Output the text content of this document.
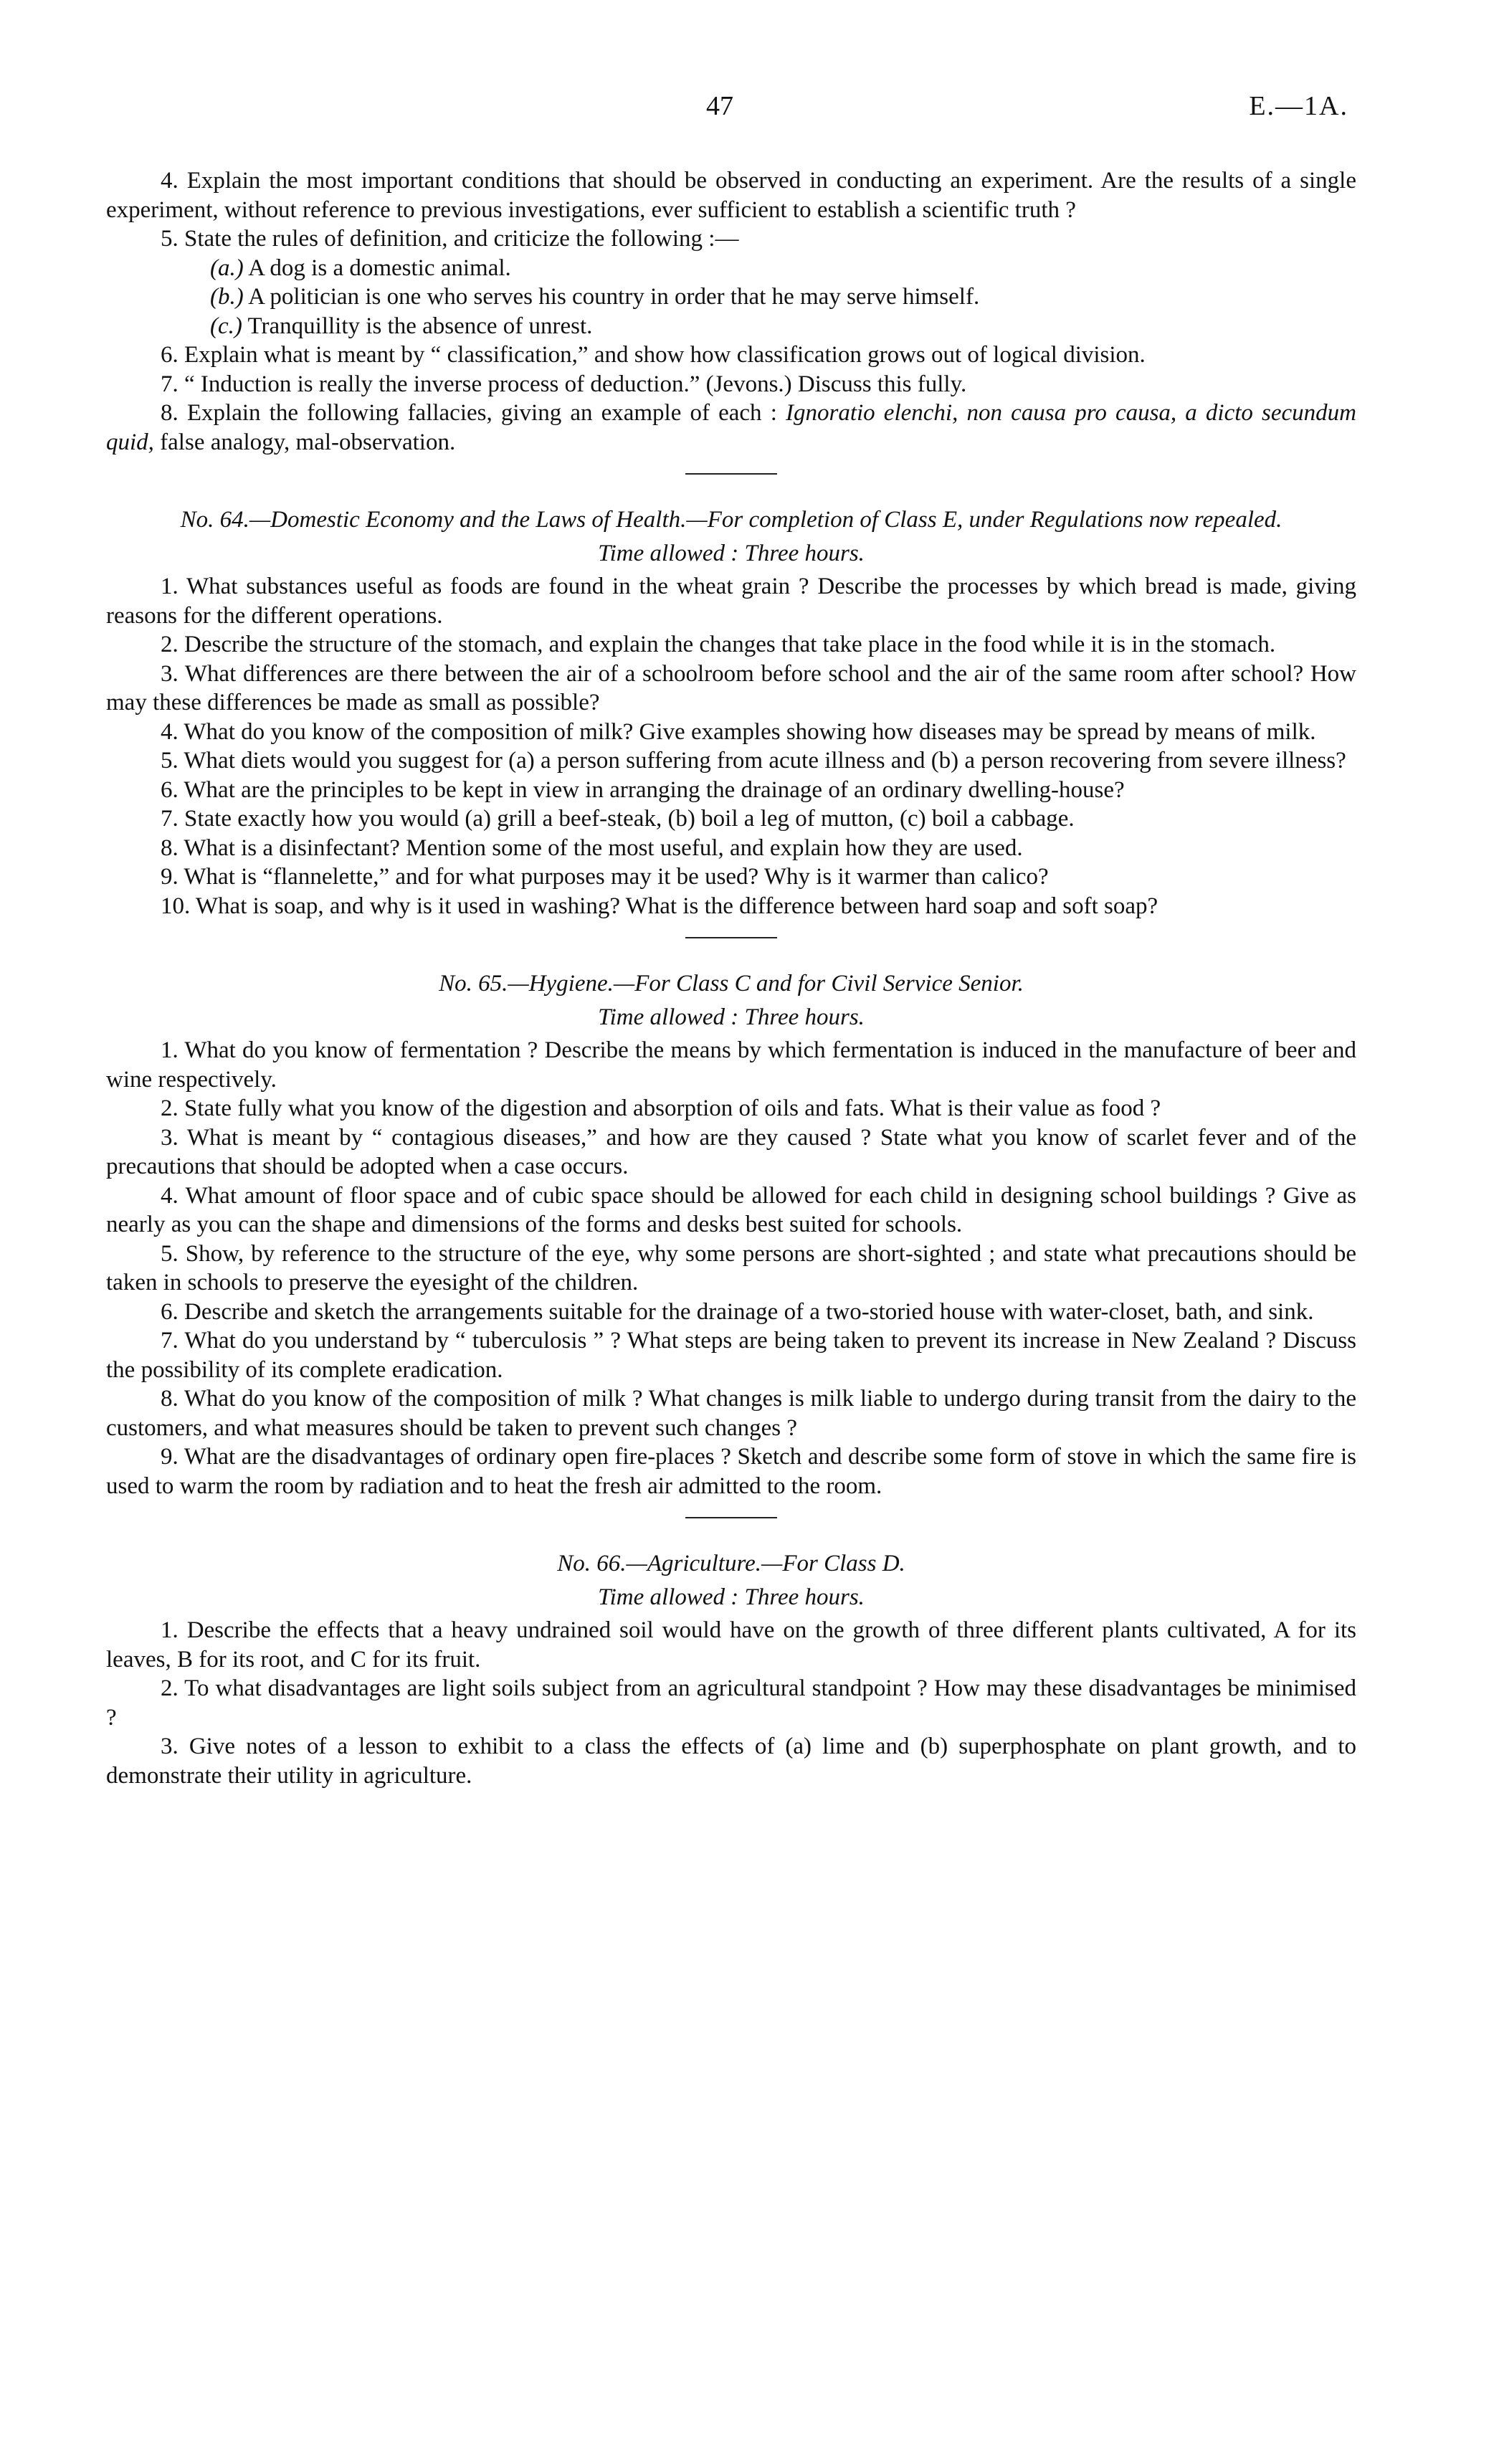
47	E.—1A.

4. Explain the most important conditions that should be observed in conducting an experiment. Are the results of a single experiment, without reference to previous investigations, ever sufficient to establish a scientific truth ?

5. State the rules of definition, and criticize the following :—

(a.) A dog is a domestic animal.

(b.) A politician is one who serves his country in order that he may serve himself.

(c.) Tranquillity is the absence of unrest.

6. Explain what is meant by “ classification,” and show how classification grows out of logical division.

7. “ Induction is really the inverse process of deduction.” (Jevons.) Discuss this fully.

8. Explain the following fallacies, giving an example of each : Ignoratio elenchi, non causa pro causa, a dicto secundum quid, false analogy, mal-observation.

No. 64.—Domestic Economy and the Laws of Health.—For completion of Class E, under Regulations now repealed.

Time allowed : Three hours.

1. What substances useful as foods are found in the wheat grain ? Describe the processes by which bread is made, giving reasons for the different operations.

2. Describe the structure of the stomach, and explain the changes that take place in the food while it is in the stomach.

3. What differences are there between the air of a schoolroom before school and the air of the same room after school? How may these differences be made as small as possible?

4. What do you know of the composition of milk? Give examples showing how diseases may be spread by means of milk.

5. What diets would you suggest for (a) a person suffering from acute illness and (b) a person recovering from severe illness?

6. What are the principles to be kept in view in arranging the drainage of an ordinary dwelling-house?

7. State exactly how you would (a) grill a beef-steak, (b) boil a leg of mutton, (c) boil a cabbage.

8. What is a disinfectant? Mention some of the most useful, and explain how they are used.

9. What is “flannelette,” and for what purposes may it be used? Why is it warmer than calico?

10. What is soap, and why is it used in washing? What is the difference between hard soap and soft soap?

No. 65.—Hygiene.—For Class C and for Civil Service Senior.

Time allowed : Three hours.

1. What do you know of fermentation ? Describe the means by which fermentation is induced in the manufacture of beer and wine respectively.

2. State fully what you know of the digestion and absorption of oils and fats. What is their value as food ?

3. What is meant by “ contagious diseases,” and how are they caused ? State what you know of scarlet fever and of the precautions that should be adopted when a case occurs.

4. What amount of floor space and of cubic space should be allowed for each child in designing school buildings ? Give as nearly as you can the shape and dimensions of the forms and desks best suited for schools.

5. Show, by reference to the structure of the eye, why some persons are short-sighted ; and state what precautions should be taken in schools to preserve the eyesight of the children.

6. Describe and sketch the arrangements suitable for the drainage of a two-storied house with water-closet, bath, and sink.

7. What do you understand by “ tuberculosis ” ? What steps are being taken to prevent its increase in New Zealand ? Discuss the possibility of its complete eradication.

8. What do you know of the composition of milk ? What changes is milk liable to undergo during transit from the dairy to the customers, and what measures should be taken to prevent such changes ?

9. What are the disadvantages of ordinary open fire-places ? Sketch and describe some form of stove in which the same fire is used to warm the room by radiation and to heat the fresh air admitted to the room.

No. 66.—Agriculture.—For Class D.

Time allowed : Three hours.

1. Describe the effects that a heavy undrained soil would have on the growth of three different plants cultivated, A for its leaves, B for its root, and C for its fruit.

2. To what disadvantages are light soils subject from an agricultural standpoint ? How may these disadvantages be minimised ?

3. Give notes of a lesson to exhibit to a class the effects of (a) lime and (b) superphosphate on plant growth, and to demonstrate their utility in agriculture.
